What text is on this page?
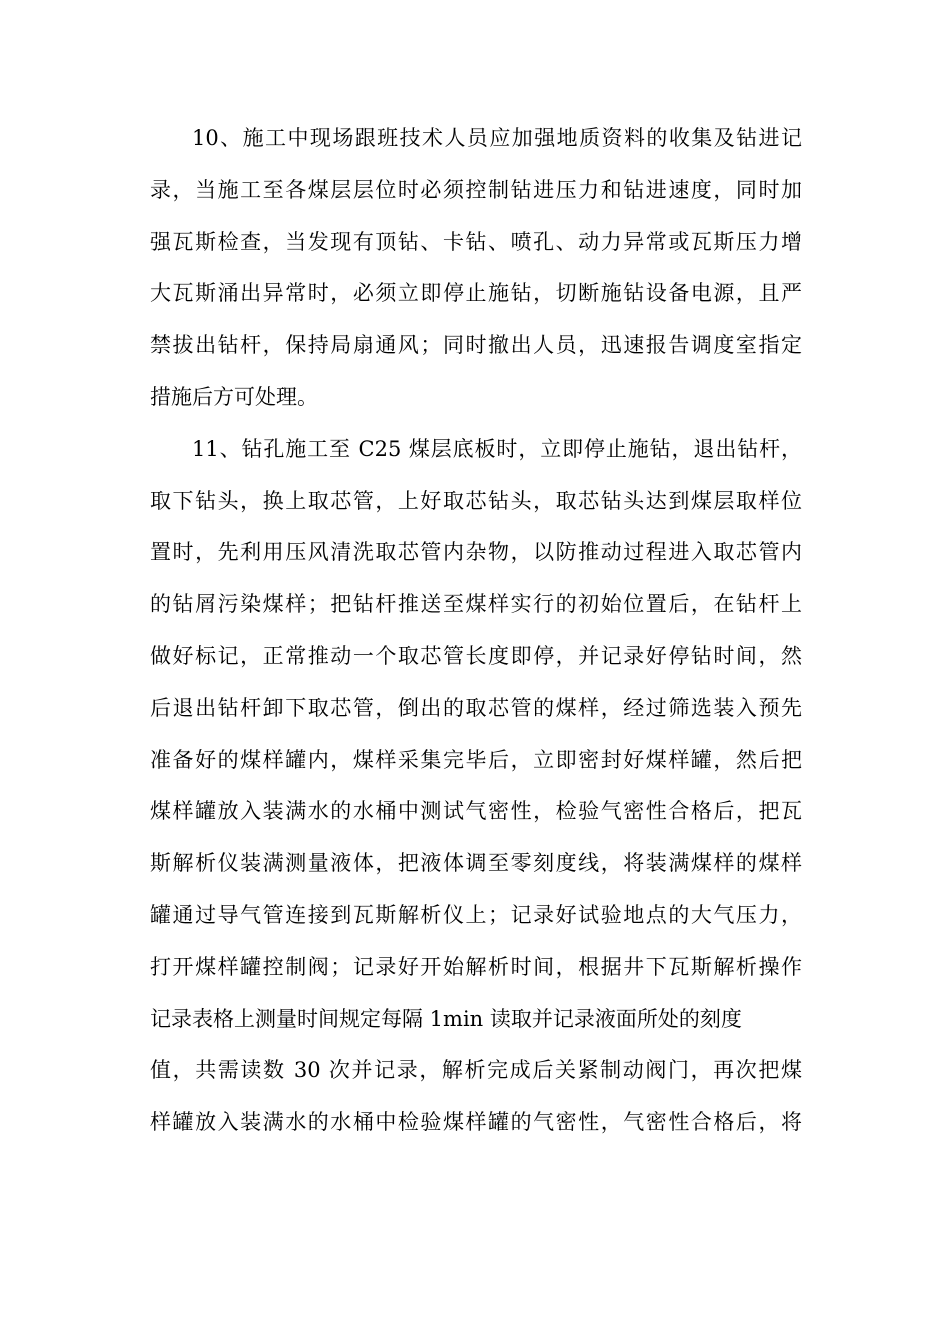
10、施工中现场跟班技术人员应加强地质资料的收集及钻进记
录，当施工至各煤层层位时必须控制钻进压力和钻进速度，同时加
强瓦斯检查，当发现有顶钻、卡钻、喷孔、动力异常或瓦斯压力增
大瓦斯涌出异常时，必须立即停止施钻，切断施钻设备电源，且严
禁拔出钻杆，保持局扇通风；同时撤出人员，迅速报告调度室指定
措施后方可处理。
11、钻孔施工至 C25 煤层底板时，立即停止施钻，退出钻杆，
取下钻头，换上取芯管，上好取芯钻头，取芯钻头达到煤层取样位
置时，先利用压风清洗取芯管内杂物，以防推动过程进入取芯管内
的钻屑污染煤样；把钻杆推送至煤样实行的初始位置后，在钻杆上
做好标记，正常推动一个取芯管长度即停，并记录好停钻时间，然
后退出钻杆卸下取芯管，倒出的取芯管的煤样，经过筛选装入预先
准备好的煤样罐内，煤样采集完毕后，立即密封好煤样罐，然后把
煤样罐放入装满水的水桶中测试气密性，检验气密性合格后，把瓦
斯解析仪装满测量液体，把液体调至零刻度线，将装满煤样的煤样
罐通过导气管连接到瓦斯解析仪上；记录好试验地点的大气压力，
打开煤样罐控制阀；记录好开始解析时间，根据井下瓦斯解析操作
记录表格上测量时间规定每隔 1min 读取并记录液面所处的刻度
值，共需读数 30 次并记录，解析完成后关紧制动阀门，再次把煤
样罐放入装满水的水桶中检验煤样罐的气密性，气密性合格后，将
